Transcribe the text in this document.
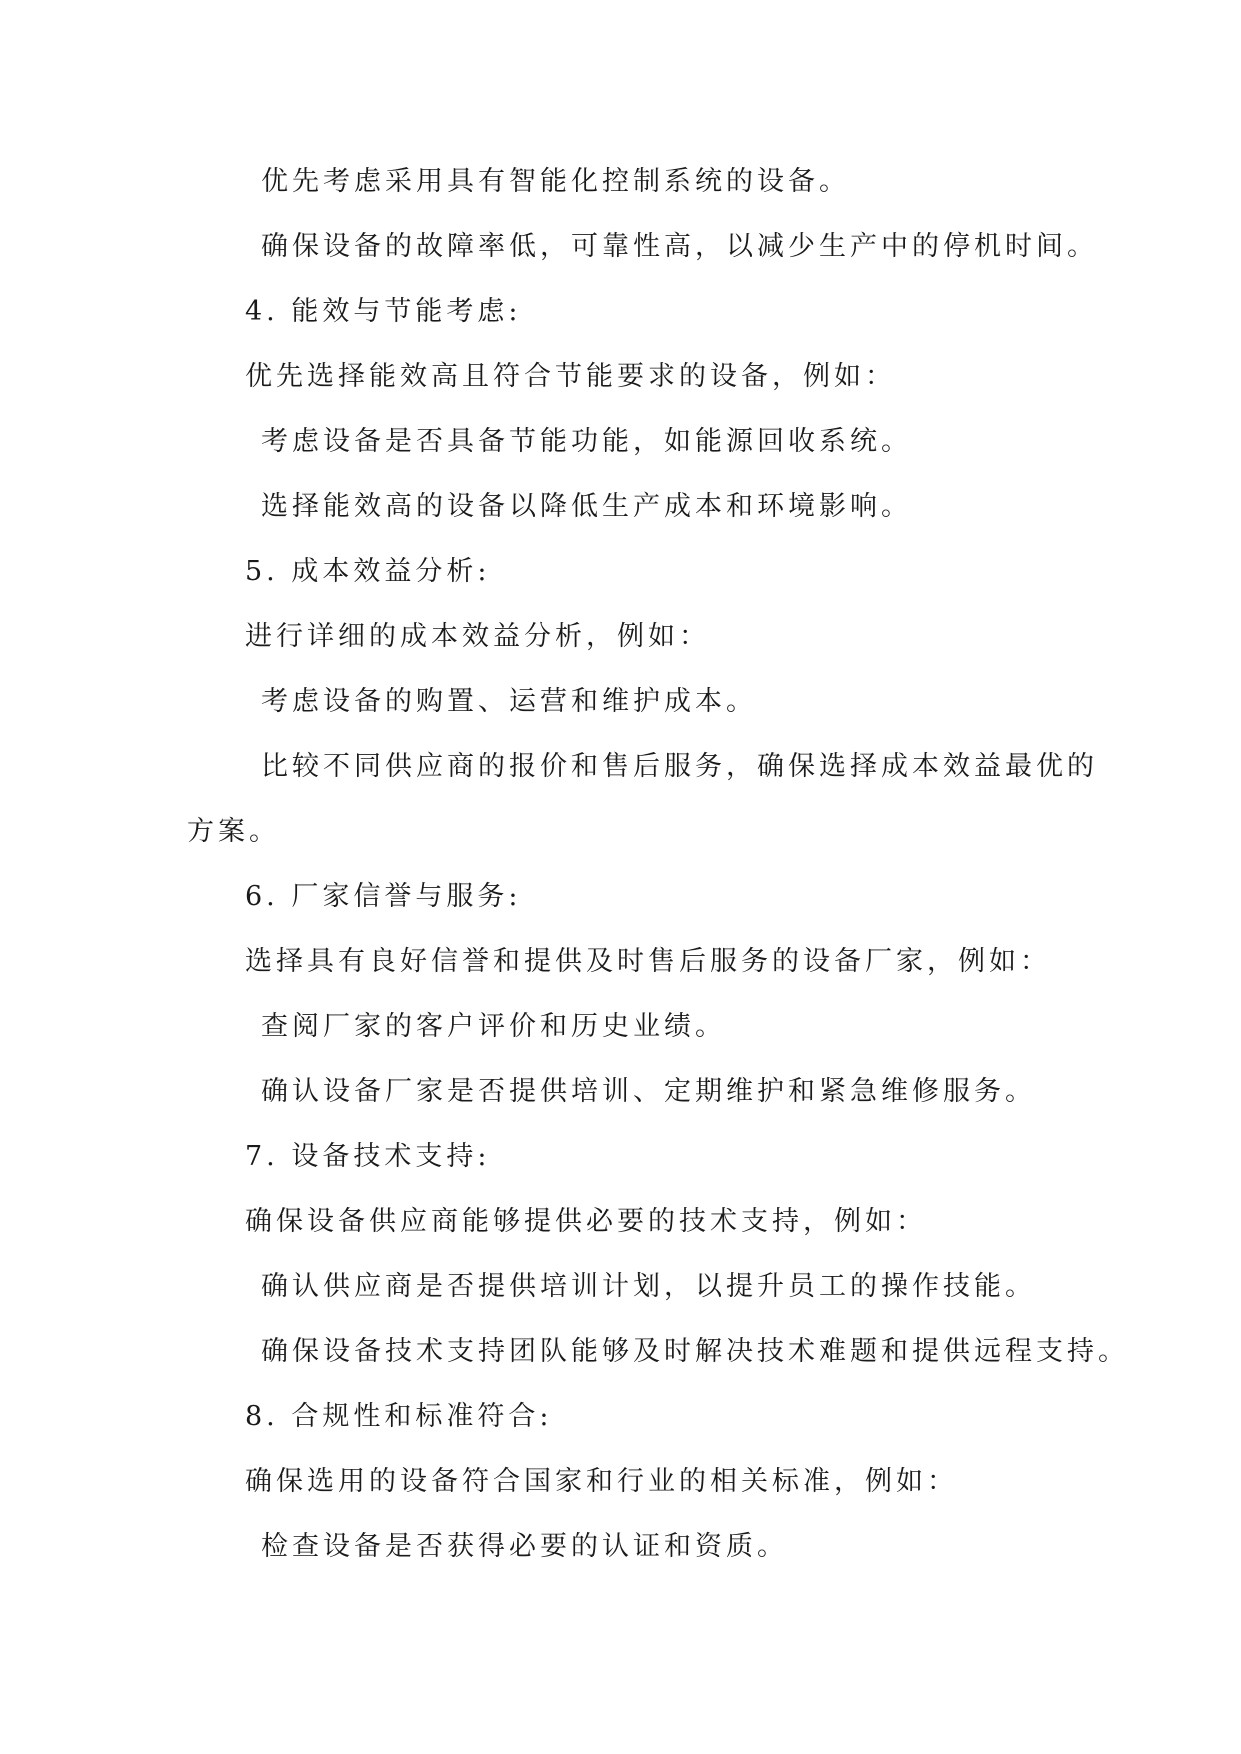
优先考虑采用具有智能化控制系统的设备。
确保设备的故障率低，可靠性高，以减少生产中的停机时间。
4. 能效与节能考虑:
优先选择能效高且符合节能要求的设备，例如：
考虑设备是否具备节能功能，如能源回收系统。
选择能效高的设备以降低生产成本和环境影响。
5. 成本效益分析:
进行详细的成本效益分析，例如：
考虑设备的购置、运营和维护成本。
比较不同供应商的报价和售后服务，确保选择成本效益最优的
方案。
6. 厂家信誉与服务:
选择具有良好信誉和提供及时售后服务的设备厂家，例如：
查阅厂家的客户评价和历史业绩。
确认设备厂家是否提供培训、定期维护和紧急维修服务。
7. 设备技术支持:
确保设备供应商能够提供必要的技术支持，例如：
确认供应商是否提供培训计划，以提升员工的操作技能。
确保设备技术支持团队能够及时解决技术难题和提供远程支持。
8. 合规性和标准符合:
确保选用的设备符合国家和行业的相关标准，例如：
检查设备是否获得必要的认证和资质。
